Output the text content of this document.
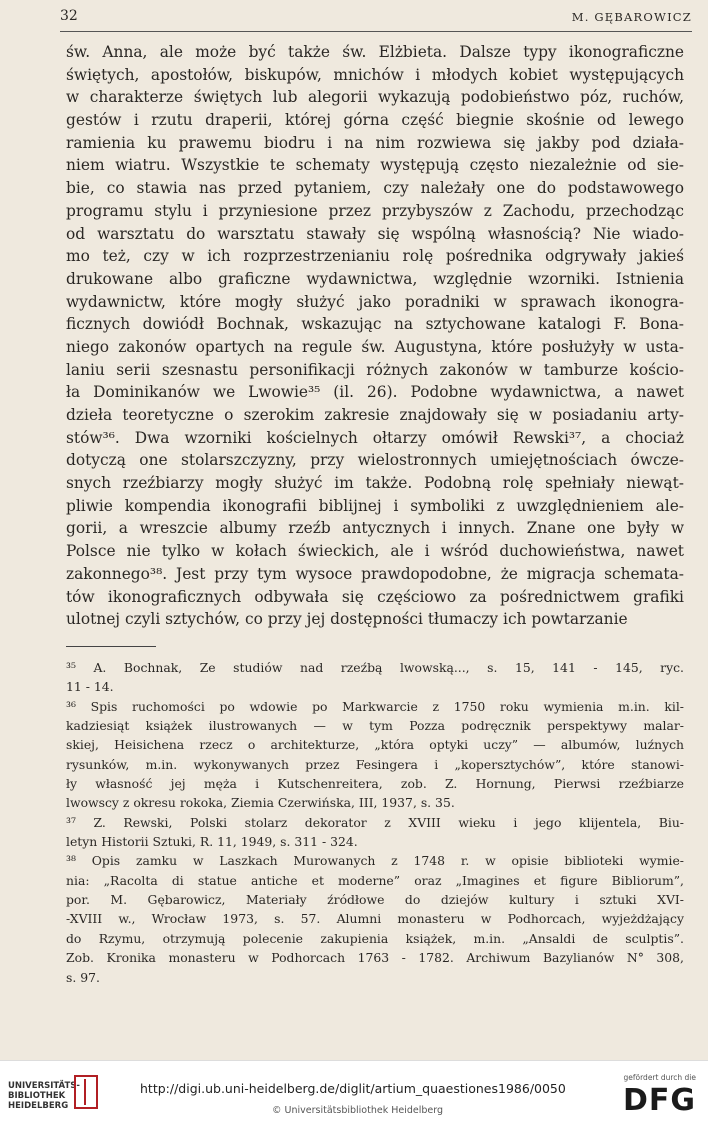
32	M. GĘBAROWICZ
św. Anna, ale może być także św. Elżbieta. Dalsze typy ikonograficzne
świętych, apostołów, biskupów, mnichów i młodych kobiet występujących
w charakterze świętych lub alegorii wykazują podobieństwo póz, ruchów,
gestów i rzutu draperii, której górna część biegnie skośnie od lewego
ramienia ku prawemu biodru i na nim rozwiewa się jakby pod działa-
niem wiatru. Wszystkie te schematy występują często niezależnie od sie-
bie, co stawia nas przed pytaniem, czy należały one do podstawowego
programu stylu i przyniesione przez przybyszów z Zachodu, przechodząc
od warsztatu do warsztatu stawały się wspólną własnością? Nie wiado-
mo też, czy w ich rozprzestrzenianiu rolę pośrednika odgrywały jakieś
drukowane albo graficzne wydawnictwa, względnie wzorniki. Istnienia
wydawnictw, które mogły służyć jako poradniki w sprawach ikonogra-
ficznych dowiódł Bochnak, wskazując na sztychowane katalogi F. Bona-
niego zakonów opartych na regule św. Augustyna, które posłużyły w usta-
laniu serii szesnastu personifikacji różnych zakonów w tamburze kościo-
ła Dominikanów we Lwowie³⁵ (il. 26). Podobne wydawnictwa, a nawet
dzieła teoretyczne o szerokim zakresie znajdowały się w posiadaniu arty-
stów³⁶. Dwa wzorniki kościelnych ołtarzy omówił Rewski³⁷, a chociaż
dotyczą one stolarszczyzny, przy wielostronnych umiejętnościach ówcze-
snych rzeźbiarzy mogły służyć im także. Podobną rolę spełniały niewąt-
pliwie kompendia ikonografii biblijnej i symboliki z uwzględnieniem ale-
gorii, a wreszcie albumy rzeźb antycznych i innych. Znane one były w
Polsce nie tylko w kołach świeckich, ale i wśród duchowieństwa, nawet
zakonnego³⁸. Jest przy tym wysoce prawdopodobne, że migracja schemata-
tów ikonograficznych odbywała się częściowo za pośrednictwem grafiki
ulotnej czyli sztychów, co przy jej dostępności tłumaczy ich powtarzanie
³⁵ A. Bochnak, Ze studiów nad rzeźbą lwowską..., s. 15, 141 - 145, ryc.
11 - 14.
³⁶ Spis ruchomości po wdowie po Markwarcie z 1750 roku wymienia m.in. kil-
kadziesiąt książek ilustrowanych — w tym Pozza podręcznik perspektywy malar-
skiej, Heisichena rzecz o architekturze, „która optyki uczy” — albumów, luźnych
rysunków, m.in. wykonywanych przez Fesingera i „kopersztychów”, które stanowi-
ły własność jej męża i Kutschenreitera, zob. Z. Hornung, Pierwsi rzeźbiarze
lwowscy z okresu rokoka, Ziemia Czerwińska, III, 1937, s. 35.
³⁷ Z. Rewski, Polski stolarz dekorator z XVIII wieku i jego klijentela, Biu-
letyn Historii Sztuki, R. 11, 1949, s. 311 - 324.
³⁸ Opis zamku w Laszkach Murowanych z 1748 r. w opisie biblioteki wymie-
nia: „Racolta di statue antiche et moderne” oraz „Imagines et figure Bibliorum”,
por. M. Gębarowicz, Materiały źródłowe do dziejów kultury i sztuki XVI-
-XVIII w., Wrocław 1973, s. 57. Alumni monasteru w Podhorcach, wyjeżdżający
do Rzymu, otrzymują polecenie zakupienia książek, m.in. „Ansaldi de sculptis”.
Zob. Kronika monasteru w Podhorcach 1763 - 1782. Archiwum Bazylianów N° 308,
s. 97.
UNIVERSITÄTS-
BIBLIOTHEK
HEIDELBERG
http://digi.ub.uni-heidelberg.de/diglit/artium_quaestiones1986/0050
© Universitätsbibliothek Heidelberg
gefördert durch die
DFG
